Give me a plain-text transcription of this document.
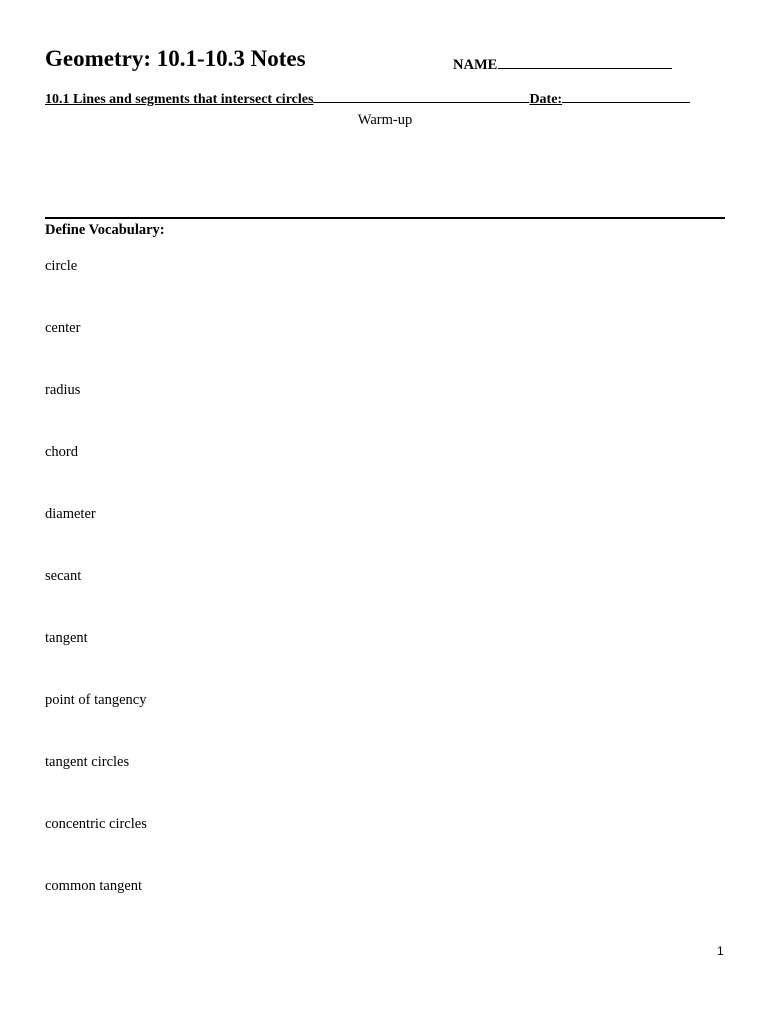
Geometry: 10.1-10.3 Notes	NAME
10.1 Lines and segments that intersect circles	Date:
Warm-up
Define Vocabulary:
circle
center
radius
chord
diameter
secant
tangent
point of tangency
tangent circles
concentric circles
common tangent
1
